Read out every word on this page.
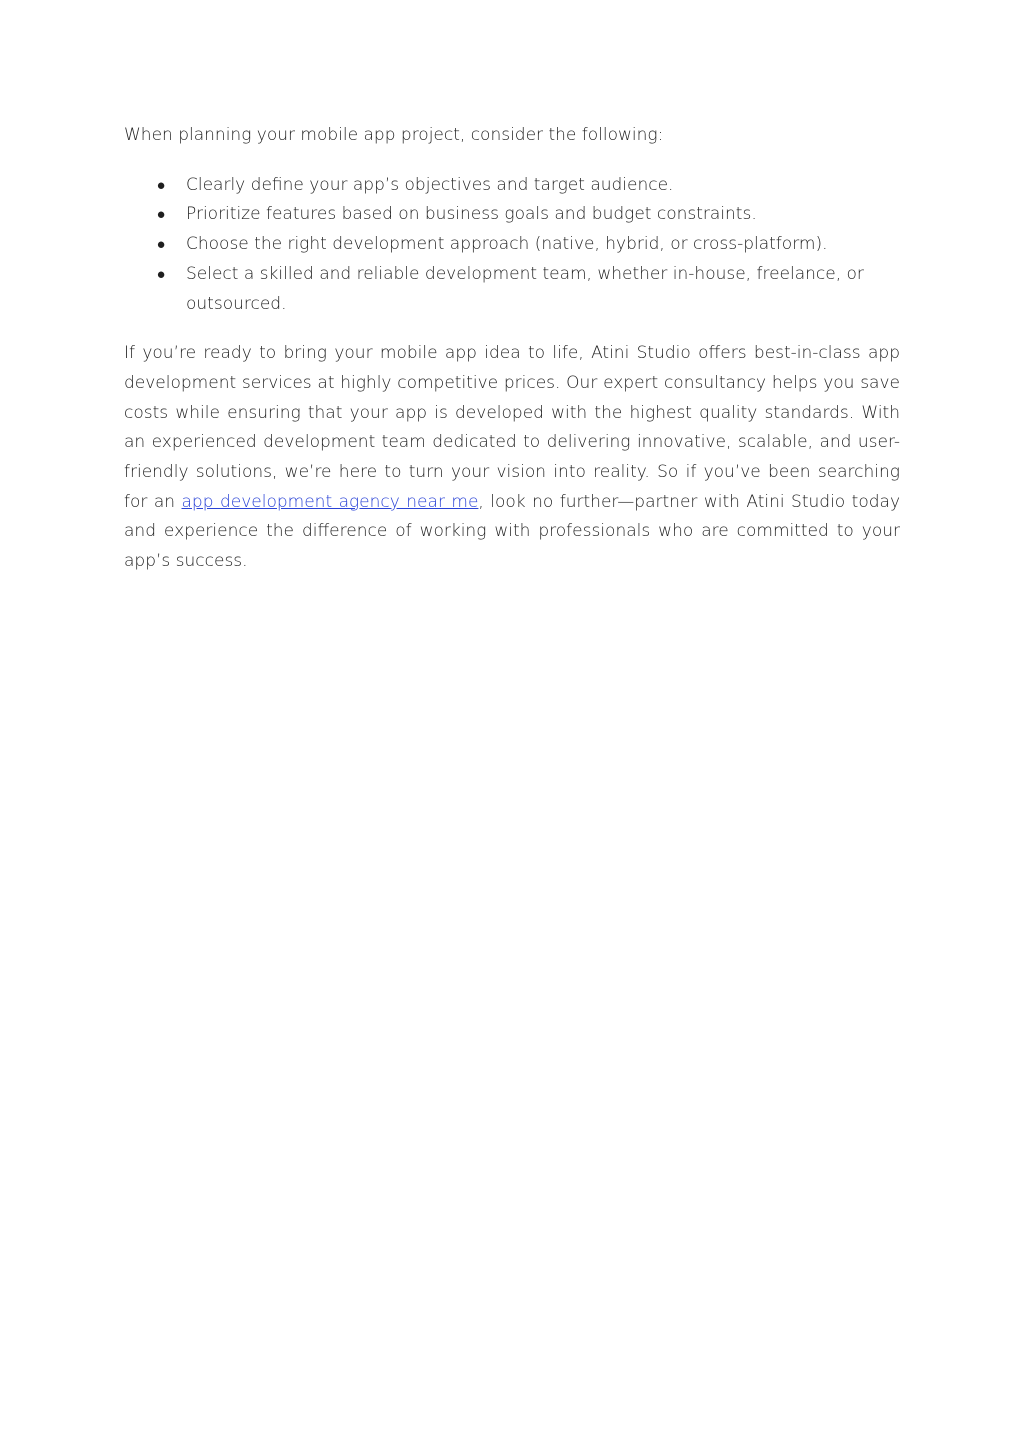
When planning your mobile app project, consider the following:

● Clearly define your app’s objectives and target audience.
● Prioritize features based on business goals and budget constraints.
● Choose the right development approach (native, hybrid, or cross-platform).
● Select a skilled and reliable development team, whether in-house, freelance, or outsourced.

If you’re ready to bring your mobile app idea to life, Atini Studio offers best-in-class app development services at highly competitive prices. Our expert consultancy helps you save costs while ensuring that your app is developed with the highest quality standards. With an experienced development team dedicated to delivering innovative, scalable, and user-friendly solutions, we’re here to turn your vision into reality. So if you’ve been searching for an app development agency near me, look no further—partner with Atini Studio today and experience the difference of working with professionals who are committed to your app’s success.
